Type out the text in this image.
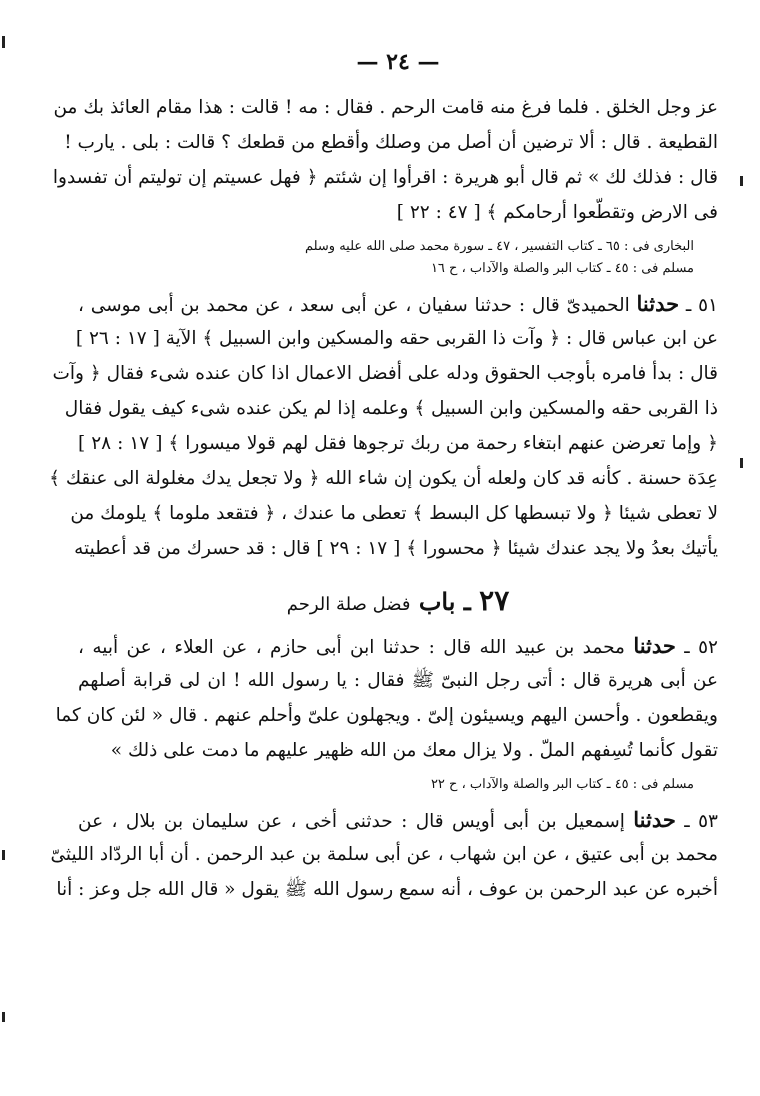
— ٢٤ —
عز وجل الخلق . فلما فرغ منه قامت الرحم . فقال : مه ! قالت : هذا مقام العائذ بك من
القطيعة . قال : ألا ترضين أن أصل من وصلك وأقطع من قطعك ؟ قالت : بلى . يارب !
قال : فذلك لك » ثم قال أبو هريرة : اقرأوا إن شئتم ﴿ فهل عسيتم إن توليتم أن تفسدوا
فى الارض وتقطّعوا أرحامكم ﴾ [ ٤٧ : ٢٢ ]
البخارى فى : ٦٥ ـ كتاب التفسير ، ٤٧ ـ سورة محمد صلى الله عليه وسلم
مسلم فى : ٤٥ ـ كتاب البر والصلة والآداب ، ح ١٦
٥١ ـ حدثنا الحميدىّ قال : حدثنا سفيان ، عن أبى سعد ، عن محمد بن أبى موسى ،
عن ابن عباس قال : ﴿ وآت ذا القربى حقه والمسكين وابن السبيل ﴾ الآية [ ١٧ : ٢٦ ]
قال : بدأ فامره بأوجب الحقوق ودله على أفضل الاعمال اذا كان عنده شىء فقال ﴿ وآت
ذا القربى حقه والمسكين وابن السبيل ﴾ وعلمه إذا لم يكن عنده شىء كيف يقول فقال
﴿ وإما تعرضن عنهم ابتغاء رحمة من ربك ترجوها فقل لهم قولا ميسورا ﴾ [ ١٧ : ٢٨ ]
عِدَة حسنة . كأنه قد كان ولعله أن يكون إن شاء الله ﴿ ولا تجعل يدك مغلولة الى عنقك ﴾
لا تعطى شيئا ﴿ ولا تبسطها كل البسط ﴾ تعطى ما عندك ، ﴿ فتقعد ملوما ﴾ يلومك من
يأتيك بعدُ ولا يجد عندك شيئا ﴿ محسورا ﴾ [ ١٧ : ٢٩ ] قال : قد حسرك من قد أعطيته
٢٧ ـ باب فضل صلة الرحم
٥٢ ـ حدثنا محمد بن عبيد الله قال : حدثنا ابن أبى حازم ، عن العلاء ، عن أبيه ،
عن أبى هريرة قال : أتى رجل النبىّ ﷺ فقال : يا رسول الله ! ان لى قرابة أصلهم
ويقطعون . وأحسن اليهم ويسيئون إلىّ . ويجهلون علىّ وأحلم عنهم . قال « لئن كان كما
تقول كأنما تُسِفهم الملّ . ولا يزال معك من الله ظهير عليهم ما دمت على ذلك »
مسلم فى : ٤٥ ـ كتاب البر والصلة والآداب ، ح ٢٢
٥٣ ـ حدثنا إسمعيل بن أبى أويس قال : حدثنى أخى ، عن سليمان بن بلال ، عن
محمد بن أبى عتيق ، عن ابن شهاب ، عن أبى سلمة بن عبد الرحمن . أن أبا الردّاد الليثىّ
أخبره عن عبد الرحمن بن عوف ، أنه سمع رسول الله ﷺ يقول « قال الله جل وعز : أنا
